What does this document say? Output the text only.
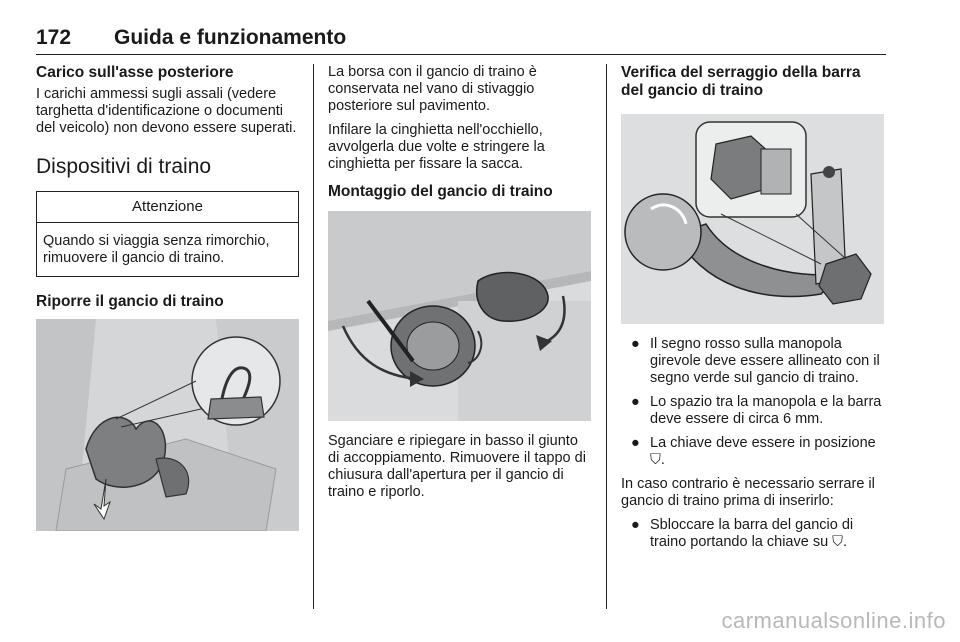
172 Guida e funzionamento
Carico sull'asse posteriore

I carichi ammessi sugli assali (vedere targhetta d'identificazione o documenti del veicolo) non devono essere superati.

Dispositivi di traino
Attenzione
Quando si viaggia senza rimorchio, rimuovere il gancio di traino.
Riporre il gancio di traino

La borsa con il gancio di traino è conservata nel vano di stivaggio posteriore sul pavimento.

Infilare la cinghietta nell'occhiello, avvolgerla due volte e stringere la cinghietta per fissare la sacca.

Montaggio del gancio di traino

Sganciare e ripiegare in basso il giunto di accoppiamento. Rimuovere il tappo di chiusura dall'apertura per il gancio di traino e riporlo.

Verifica del serraggio della barra del gancio di traino
● Il segno rosso sulla manopola girevole deve essere allineato con il segno verde sul gancio di traino.
● Lo spazio tra la manopola e la barra deve essere di circa 6 mm.
● La chiave deve essere in posizione ⛉.

In caso contrario è necessario serrare il gancio di traino prima di inserirlo:

● Sbloccare la barra del gancio di traino portando la chiave su ⛉.
carmanualsonline.info
